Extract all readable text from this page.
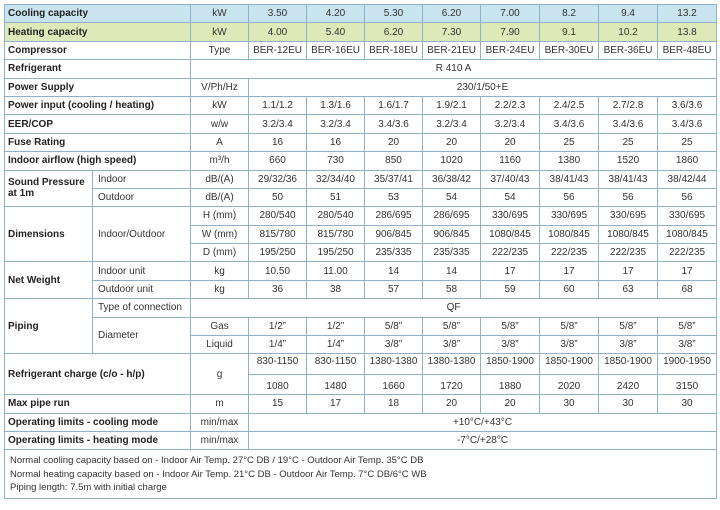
Cooling capacity		kW	3.50	4.20	5.30	6.20	7.00	8.2	9.4	13.2
Heating capacity		kW	4.00	5.40	6.20	7.30	7.90	9.1	10.2	13.8
Compressor		Type	BER-12EU	BER-16EU	BER-18EU	BER-21EU	BER-24EU	BER-30EU	BER-36EU	BER-48EU
Refrigerant		R 410 A								
Power Supply		V/Ph/Hz	230/1/50+E							
Power input (cooling / heating)		kW	1.1/1.2	1.3/1.6	1.6/1.7	1.9/2.1	2.2/2.3	2.4/2.5	2.7/2.8	3.6/3.6
EER/COP		w/w	3.2/3.4	3.2/3.4	3.4/3.6	3.2/3.4	3.2/3.4	3.4/3.6	3.4/3.6	3.4/3.6
Fuse Rating		A	16	16	20	20	20	25	25	25
Indoor airflow (high speed)		m³/h	660	730	850	1020	1160	1380	1520	1860
Sound Pressure at 1m	Indoor	dB/(A)	29/32/36	32/34/40	35/37/41	36/38/42	37/40/43	38/41/43	38/41/43	38/42/44
	Outdoor	dB/(A)	50	51	53	54	54	56	56	56
Dimensions	Indoor/Outdoor	H (mm)	280/540	280/540	286/695	286/695	330/695	330/695	330/695	330/695
		W (mm)	815/780	815/780	906/845	906/845	1080/845	1080/845	1080/845	1080/845
		D (mm)	195/250	195/250	235/335	235/335	222/235	222/235	222/235	222/235
Net Weight	Indoor unit	kg	10.50	11.00	14	14	17	17	17	17
	Outdoor unit	kg	36	38	57	58	59	60	63	68
Piping	Type of connection	QF								
	Diameter	Gas	1/2”	1/2”	5/8”	5/8”	5/8”	5/8”	5/8”	5/8”
		Liquid	1/4”	1/4”	3/8”	3/8”	3/8”	3/8”	3/8”	3/8”
Refrigerant charge (c/o - h/p)		g	830-1150	830-1150	1380-1380	1380-1380	1850-1900	1850-1900	1850-1900	1900-1950
			1080	1480	1660	1720	1880	2020	2420	3150
Max pipe run		m	15	17	18	20	20	30	30	30
Operating limits - cooling mode		min/max	+10°C/+43°C							
Operating limits - heating mode		min/max	-7°C/+28°C							

Normal cooling capacity based on - Indoor Air Temp. 27°C DB / 19°C - Outdoor Air Temp. 35°C DB
Normal heating capacity based on - Indoor Air Temp. 21°C DB - Outdoor Air Temp. 7°C DB/6°C WB
Piping length: 7.5m with initial charge										
